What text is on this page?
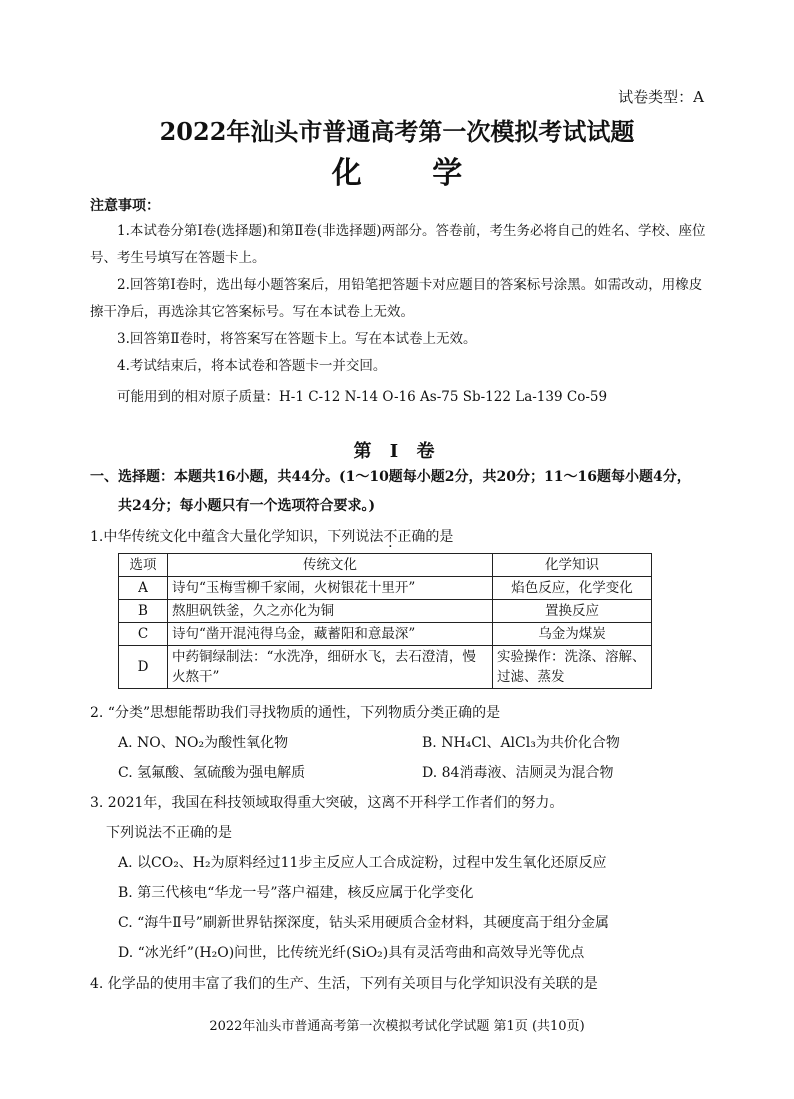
试卷类型：A
2022年汕头市普通高考第一次模拟考试试题
化 学
注意事项：
1.本试卷分第Ⅰ卷(选择题)和第Ⅱ卷(非选择题)两部分。答卷前，考生务必将自己的姓名、学校、座位号、考生号填写在答题卡上。
2.回答第Ⅰ卷时，选出每小题答案后，用铅笔把答题卡对应题目的答案标号涂黑。如需改动，用橡皮擦干净后，再选涂其它答案标号。写在本试卷上无效。
3.回答第Ⅱ卷时，将答案写在答题卡上。写在本试卷上无效。
4.考试结束后，将本试卷和答题卡一并交回。
可能用到的相对原子质量：H-1 C-12 N-14 O-16 As-75 Sb-122 La-139 Co-59
第 Ⅰ 卷
一、选择题：本题共16小题，共44分。(1～10题每小题2分，共20分；11～16题每小题4分，
共24分；每小题只有一个选项符合要求。)
1.中华传统文化中蕴含大量化学知识，下列说法不正确的是
选项	传统文化	化学知识
A	诗句“玉梅雪柳千家闹，火树银花十里开”	焰色反应，化学变化
B	熬胆矾铁釜，久之亦化为铜	置换反应
C	诗句“凿开混沌得乌金，藏蓄阳和意最深”	乌金为煤炭
D	中药铜绿制法：“水洗净，细研水飞，去石澄清，慢火熬干”	实验操作：洗涤、溶解、过滤、蒸发
2. “分类”思想能帮助我们寻找物质的通性，下列物质分类正确的是
A. NO、NO₂为酸性氧化物	B. NH₄Cl、AlCl₃为共价化合物
C. 氢氟酸、氢硫酸为强电解质	D. 84消毒液、洁厕灵为混合物
3. 2021年，我国在科技领域取得重大突破，这离不开科学工作者们的努力。
下列说法不正确的是
A. 以CO₂、H₂为原料经过11步主反应人工合成淀粉，过程中发生氧化还原反应
B. 第三代核电“华龙一号”落户福建，核反应属于化学变化
C. “海牛Ⅱ号”刷新世界钻探深度，钻头采用硬质合金材料，其硬度高于组分金属
D. “冰光纤”(H₂O)问世，比传统光纤(SiO₂)具有灵活弯曲和高效导光等优点
4. 化学品的使用丰富了我们的生产、生活，下列有关项目与化学知识没有关联的是
2022年汕头市普通高考第一次模拟考试化学试题 第1页 (共10页)
